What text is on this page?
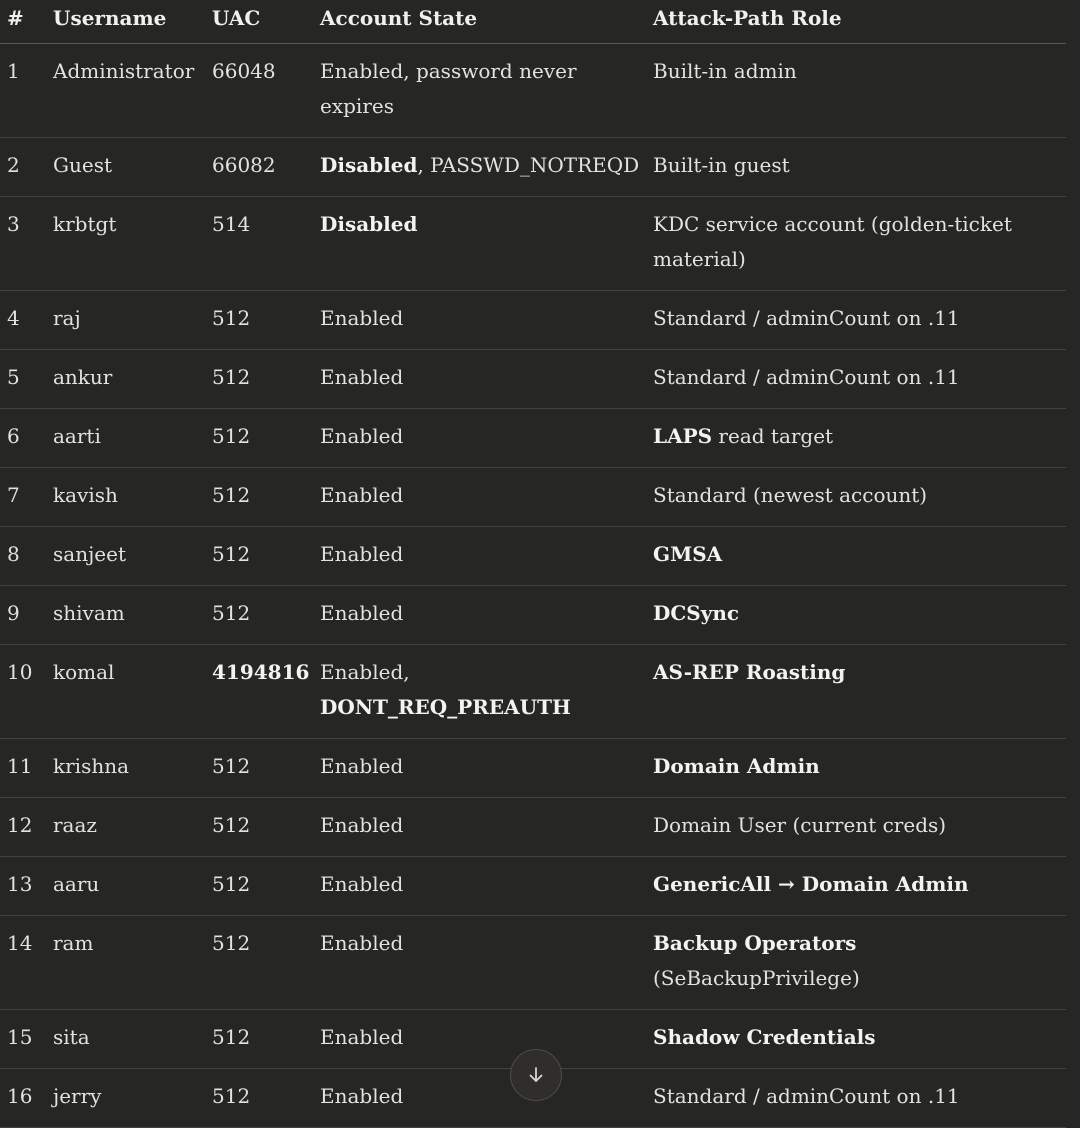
#	Username	UAC	Account State	Attack-Path Role
1	Administrator	66048	Enabled, password never expires	Built-in admin
2	Guest	66082	Disabled, PASSWD_NOTREQD	Built-in guest
3	krbtgt	514	Disabled	KDC service account (golden-ticket material)
4	raj	512	Enabled	Standard / adminCount on .11
5	ankur	512	Enabled	Standard / adminCount on .11
6	aarti	512	Enabled	LAPS read target
7	kavish	512	Enabled	Standard (newest account)
8	sanjeet	512	Enabled	GMSA
9	shivam	512	Enabled	DCSync
10	komal	4194816	Enabled, DONT_REQ_PREAUTH	AS-REP Roasting
11	krishna	512	Enabled	Domain Admin
12	raaz	512	Enabled	Domain User (current creds)
13	aaru	512	Enabled	GenericAll → Domain Admin
14	ram	512	Enabled	Backup Operators (SeBackupPrivilege)
15	sita	512	Enabled	Shadow Credentials
16	jerry	512	Enabled	Standard / adminCount on .11
